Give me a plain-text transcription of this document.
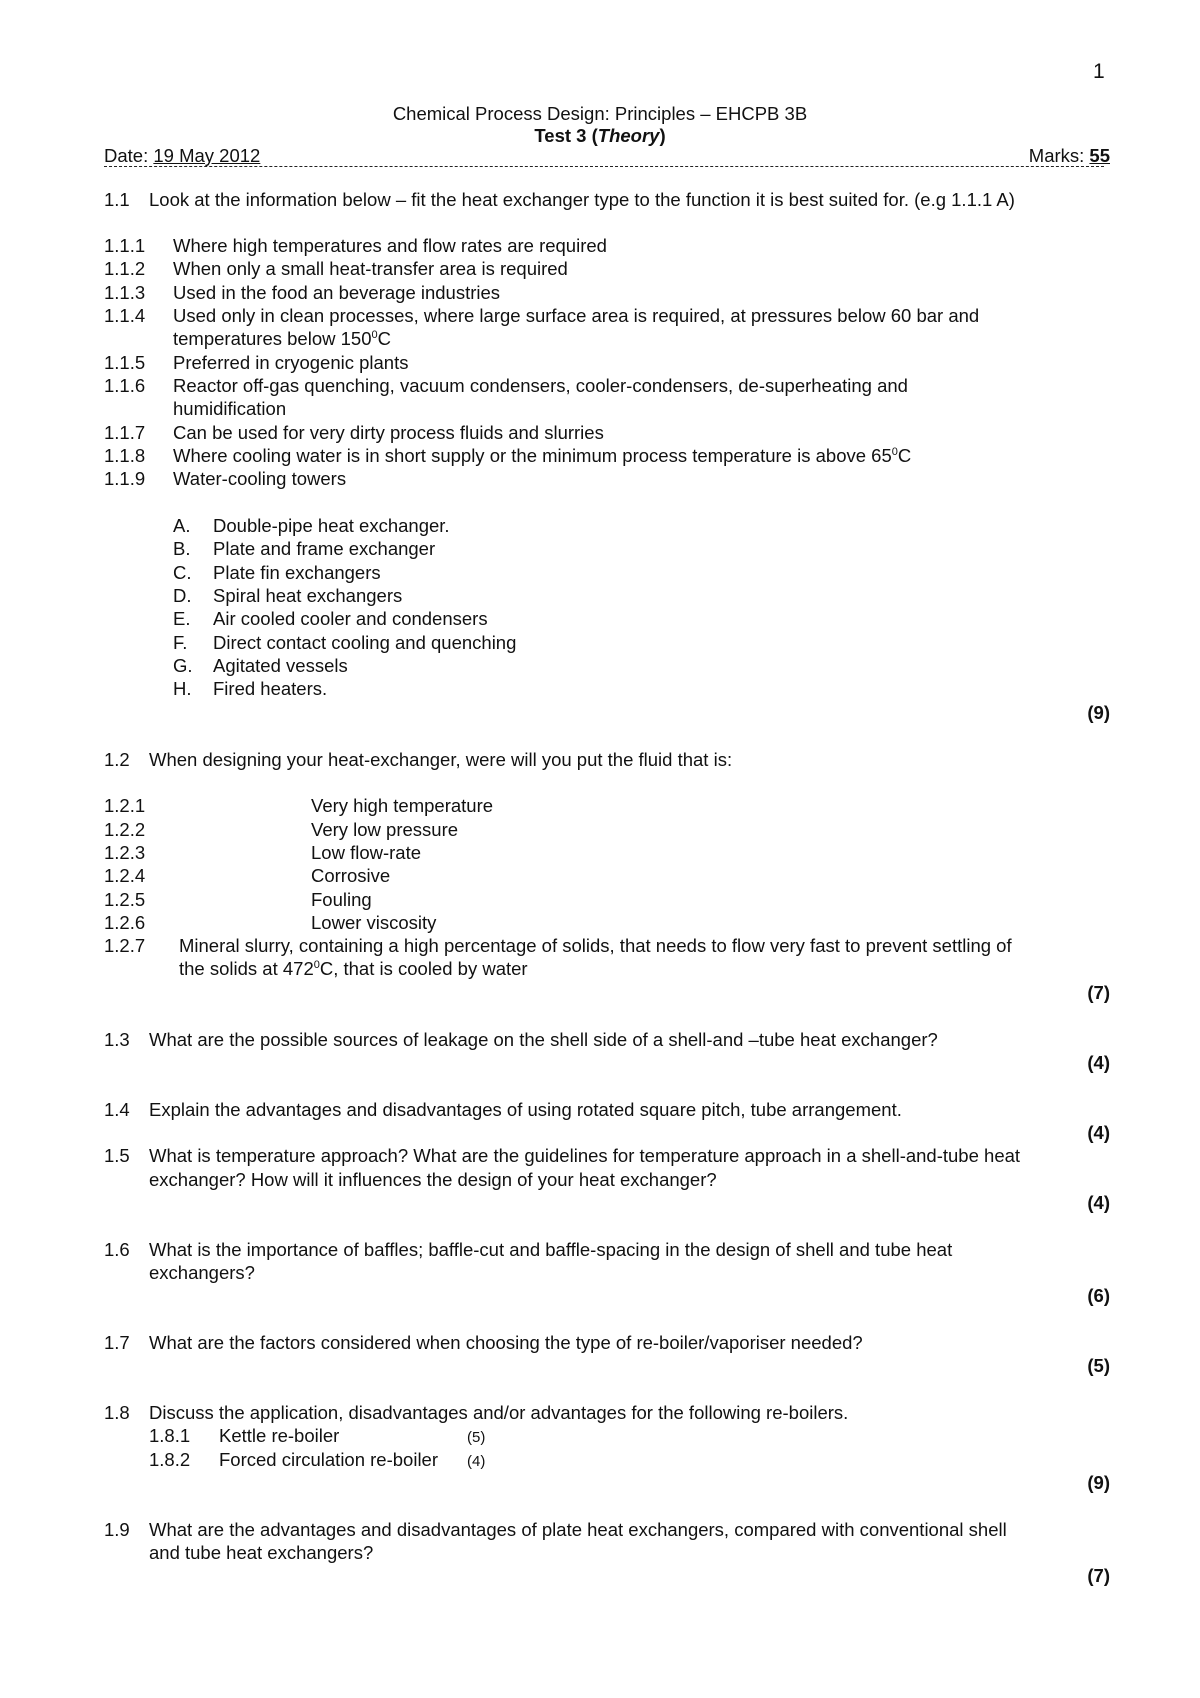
1
Chemical Process Design: Principles – EHCPB 3B
Test 3 (Theory)
Date: 19 May 2012	Marks: 55
1.1 Look at the information below – fit the heat exchanger type to the function it is best suited for. (e.g 1.1.1 A)
1.1.1 Where high temperatures and flow rates are required
1.1.2 When only a small heat-transfer area is required
1.1.3 Used in the food an beverage industries
1.1.4 Used only in clean processes, where large surface area is required, at pressures below 60 bar and
temperatures below $150^0C$
1.1.5 Preferred in cryogenic plants
1.1.6 Reactor off-gas quenching, vacuum condensers, cooler-condensers, de-superheating and
humidification
1.1.7 Can be used for very dirty process fluids and slurries
1.1.8 Where cooling water is in short supply or the minimum process temperature is above $65^0C$
1.1.9 Water-cooling towers
A. Double-pipe heat exchanger.
B. Plate and frame exchanger
C. Plate fin exchangers
D. Spiral heat exchangers
E. Air cooled cooler and condensers
F. Direct contact cooling and quenching
G. Agitated vessels
H. Fired heaters.
(9)
1.2 When designing your heat-exchanger, were will you put the fluid that is:
1.2.1	Very high temperature
1.2.2	Very low pressure
1.2.3	Low flow-rate
1.2.4	Corrosive
1.2.5	Fouling
1.2.6	Lower viscosity
1.2.7 Mineral slurry, containing a high percentage of solids, that needs to flow very fast to prevent settling of
the solids at $472^0C$, that is cooled by water
(7)
1.3 What are the possible sources of leakage on the shell side of a shell-and –tube heat exchanger?
(4)
1.4 Explain the advantages and disadvantages of using rotated square pitch, tube arrangement.
(4)
1.5 What is temperature approach? What are the guidelines for temperature approach in a shell-and-tube heat
exchanger? How will it influences the design of your heat exchanger?
(4)
1.6 What is the importance of baffles; baffle-cut and baffle-spacing in the design of shell and tube heat
exchangers?
(6)
1.7 What are the factors considered when choosing the type of re-boiler/vaporiser needed?
(5)
1.8 Discuss the application, disadvantages and/or advantages for the following re-boilers.
1.8.1 Kettle re-boiler	(5)
1.8.2 Forced circulation re-boiler (4)
(9)
1.9 What are the advantages and disadvantages of plate heat exchangers, compared with conventional shell
and tube heat exchangers?
(7)
